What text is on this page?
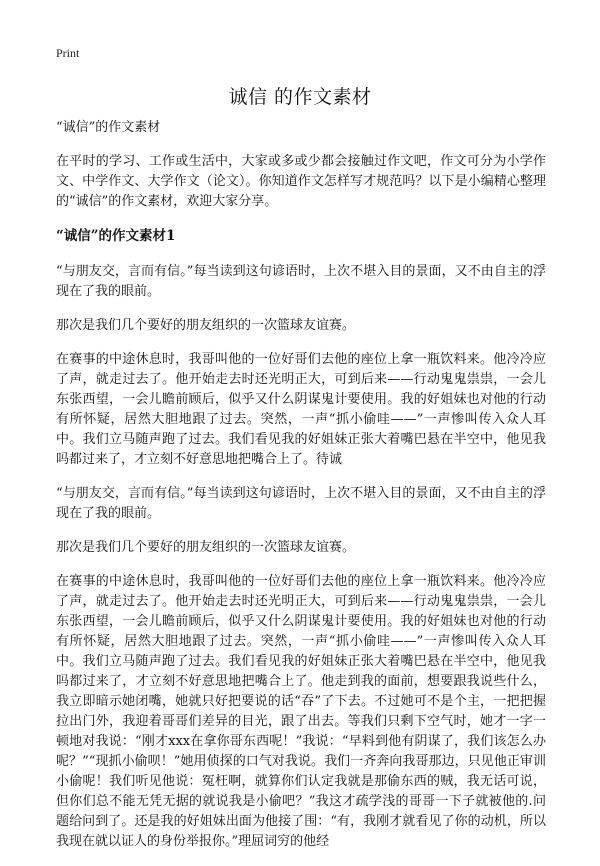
Print

诚信 的作文素材

“诚信”的作文素材

在平时的学习、工作或生活中，大家或多或少都会接触过作文吧，作文可分为小学作文、中学作文、大学作文（论文）。你知道作文怎样写才规范吗？以下是小编精心整理的“诚信”的作文素材，欢迎大家分享。

“诚信”的作文素材1

“与朋友交，言而有信。”每当读到这句谚语时，上次不堪入目的景面，又不由自主的浮现在了我的眼前。

那次是我们几个要好的朋友组织的一次篮球友谊赛。

在赛事的中途休息时，我哥叫他的一位好哥们去他的座位上拿一瓶饮料来。他冷冷应了声，就走过去了。他开始走去时还光明正大，可到后来——行动鬼鬼祟祟，一会儿东张西望，一会儿瞻前顾后，似乎又什么阴谋鬼计要使用。我的好姐妹也对他的行动有所怀疑，居然大胆地跟了过去。突然，一声“抓小偷哇——”一声惨叫传入众人耳中。我们立马随声跑了过去。我们看见我的好姐妹正张大着嘴巴悬在半空中，他见我吗都过来了，才立刻不好意思地把嘴合上了。待诚

“与朋友交，言而有信。”每当读到这句谚语时，上次不堪入目的景面，又不由自主的浮现在了我的眼前。

那次是我们几个要好的朋友组织的一次篮球友谊赛。

在赛事的中途休息时，我哥叫他的一位好哥们去他的座位上拿一瓶饮料来。他冷冷应了声，就走过去了。他开始走去时还光明正大，可到后来——行动鬼鬼祟祟，一会儿东张西望，一会儿瞻前顾后，似乎又什么阴谋鬼计要使用。我的好姐妹也对他的行动有所怀疑，居然大胆地跟了过去。突然，一声“抓小偷哇——”一声惨叫传入众人耳中。我们立马随声跑了过去。我们看见我的好姐妹正张大着嘴巴悬在半空中，他见我吗都过来了，才立刻不好意思地把嘴合上了。他走到我的面前，想要跟我说些什么，我立即暗示她闭嘴，她就只好把要说的话“吞”了下去。不过她可不是个主，一把把握拉出门外，我迎着哥哥们差异的目光，跟了出去。等我们只剩下空气时，她才一字一顿地对我说：“刚才xxx在拿你哥东西呢！”我说：“早料到他有阴谋了，我们该怎么办呢？”“现抓小偷呗！”她用侦探的口气对我说。我们一齐奔向我哥那边，只见他正审训小偷呢！我们听见他说：冤枉啊，就算你们认定我就是那偷东西的贼，我无话可说，但你们总不能无凭无据的就说我是小偷吧？”我这才疏学浅的哥哥一下子就被他的.问题给问到了。还是我的好姐妹出面为他接了围：“有，我刚才就看见了你的动机，所以我现在就以证人的身份举报你。”理屈词穷的他经
